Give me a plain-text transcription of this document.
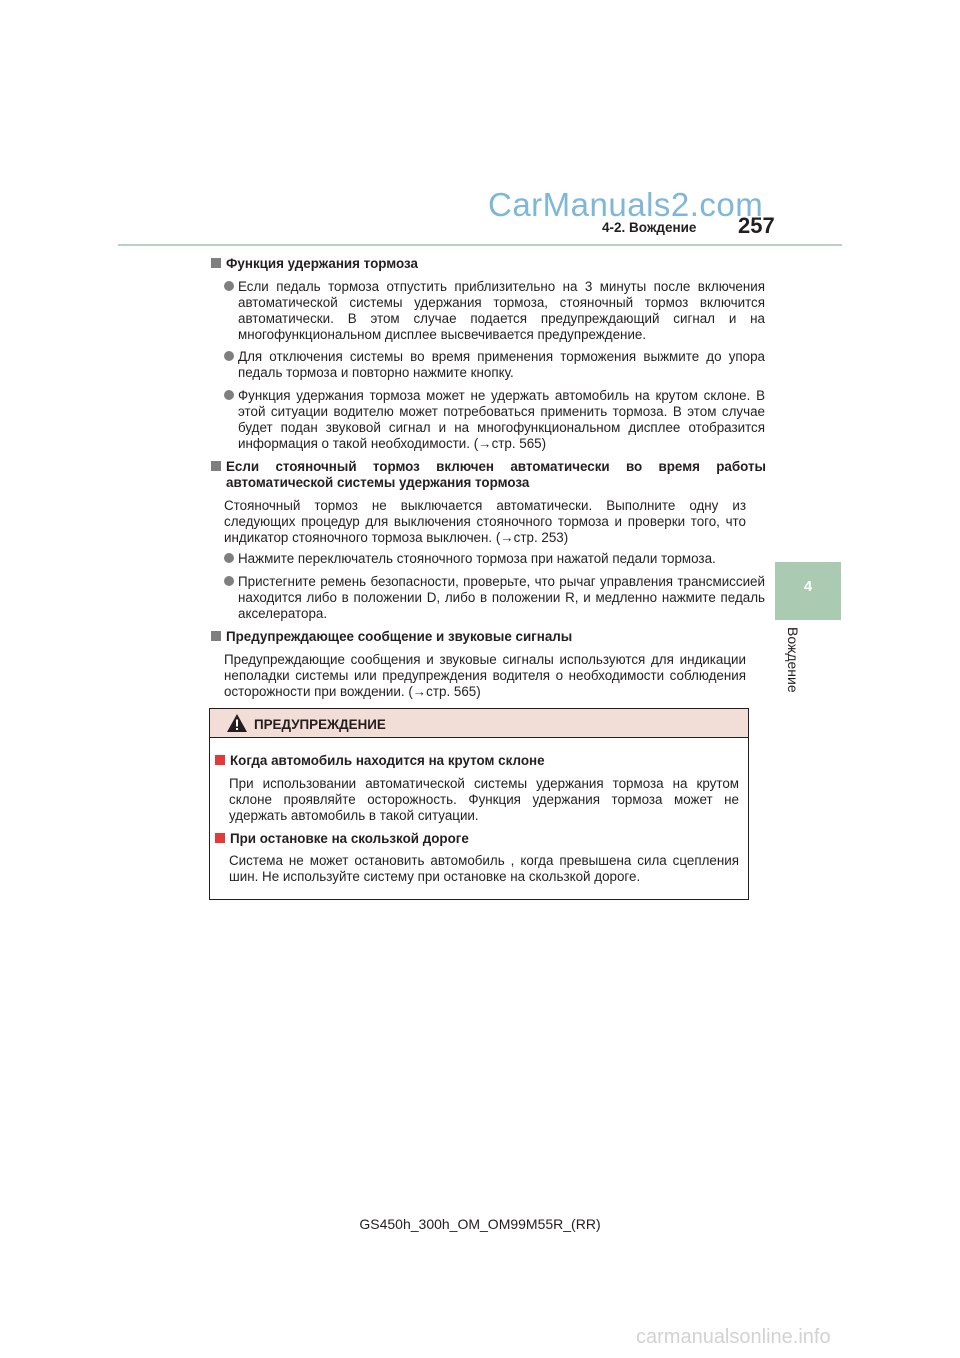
CarManuals2.com
4-2. Вождение 257
4
Вождение
Функция удержания тормоза
Если педаль тормоза отпустить приблизительно на 3 минуты после включения автоматической системы удержания тормоза, стояночный тормоз включится автоматически. В этом случае подается предупреждающий сигнал и на многофункциональном дисплее высвечивается предупреждение.
Для отключения системы во время применения торможения выжмите до упора педаль тормоза и повторно нажмите кнопку.
Функция удержания тормоза может не удержать автомобиль на крутом склоне. В этой ситуации водителю может потребоваться применить тормоза. В этом случае будет подан звуковой сигнал и на многофункциональном дисплее отобразится информация о такой необходимости. (→стр. 565)
Если стояночный тормоз включен автоматически во время работы автоматической системы удержания тормоза
Стояночный тормоз не выключается автоматически. Выполните одну из следующих процедур для выключения стояночного тормоза и проверки того, что индикатор стояночного тормоза выключен. (→стр. 253)
Нажмите переключатель стояночного тормоза при нажатой педали тормоза.
Пристегните ремень безопасности, проверьте, что рычаг управления трансмиссией находится либо в положении D, либо в положении R, и медленно нажмите педаль акселератора.
Предупреждающее сообщение и звуковые сигналы
Предупреждающие сообщения и звуковые сигналы используются для индикации неполадки системы или предупреждения водителя о необходимости соблюдения осторожности при вождении. (→стр. 565)
ПРЕДУПРЕЖДЕНИЕ
Когда автомобиль находится на крутом склоне
При использовании автоматической системы удержания тормоза на крутом склоне проявляйте осторожность. Функция удержания тормоза может не удержать автомобиль в такой ситуации.
При остановке на скользкой дороге
Система не может остановить автомобиль , когда превышена сила сцепления шин. Не используйте систему при остановке на скользкой дороге.
GS450h_300h_OM_OM99M55R_(RR)
carmanualsonline.info
